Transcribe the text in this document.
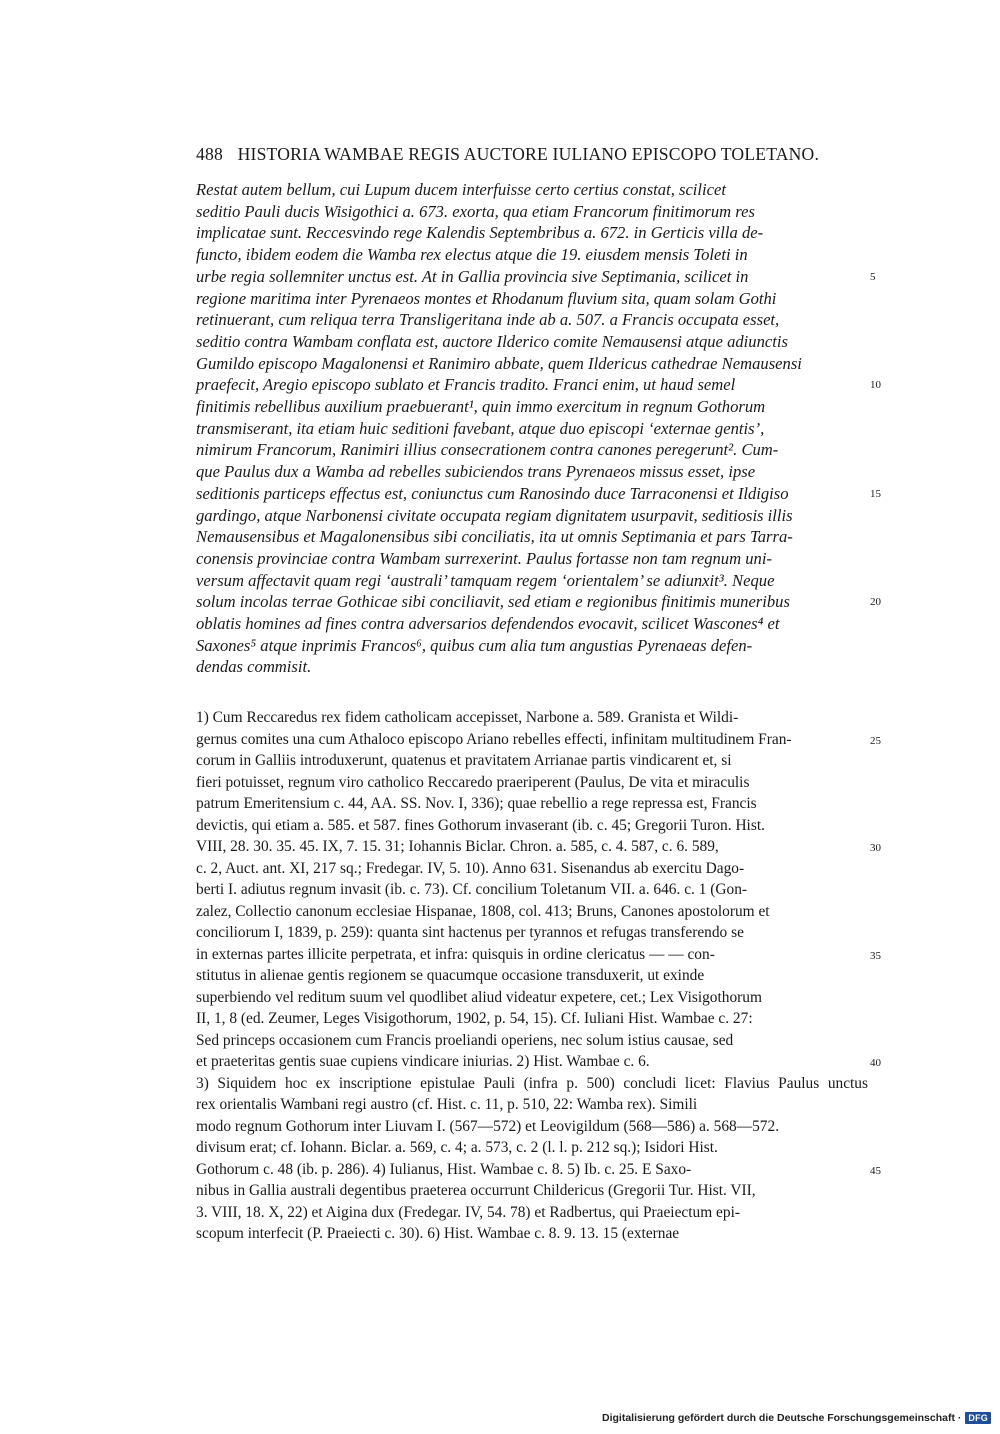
488 HISTORIA WAMBAE REGIS AUCTORE IULIANO EPISCOPO TOLETANO.
Restat autem bellum, cui Lupum ducem interfuisse certo certius constat, scilicet
seditio Pauli ducis Wisigothici a. 673. exorta, qua etiam Francorum finitimorum res
implicatae sunt. Reccesvindo rege Kalendis Septembribus a. 672. in Gerticis villa de-
functo, ibidem eodem die Wamba rex electus atque die 19. eiusdem mensis Toleti in
urbe regia sollemniter unctus est. At in Gallia provincia sive Septimania, scilicet in
regione maritima inter Pyrenaeos montes et Rhodanum fluvium sita, quam solam Gothi
retinuerant, cum reliqua terra Transligeritana inde ab a. 507. a Francis occupata esset,
seditio contra Wambam conflata est, auctore Ilderico comite Nemausensi atque adiunctis
Gumildo episcopo Magalonensi et Ranimiro abbate, quem Ildericus cathedrae Nemausensi
praefecit, Aregio episcopo sublato et Francis tradito. Franci enim, ut haud semel
finitimis rebellibus auxilium praebuerant¹, quin immo exercitum in regnum Gothorum
transmiserant, ita etiam huic seditioni favebant, atque duo episcopi ‘externae gentis’,
nimirum Francorum, Ranimiri illius consecrationem contra canones peregerunt². Cum-
que Paulus dux a Wamba ad rebelles subiciendos trans Pyrenaeos missus esset, ipse
seditionis particeps effectus est, coniunctus cum Ranosindo duce Tarraconensi et Ildigiso
gardingo, atque Narbonensi civitate occupata regiam dignitatem usurpavit, seditiosis illis
Nemausensibus et Magalonensibus sibi conciliatis, ita ut omnis Septimania et pars Tarra-
conensis provinciae contra Wambam surrexerint. Paulus fortasse non tam regnum uni-
versum affectavit quam regi ‘australi’ tamquam regem ‘orientalem’ se adiunxit³. Neque
solum incolas terrae Gothicae sibi conciliavit, sed etiam e regionibus finitimis muneribus
oblatis homines ad fines contra adversarios defendendos evocavit, scilicet Wascones⁴ et
Saxones⁵ atque inprimis Francos⁶, quibus cum alia tum angustias Pyrenaeas defen-
dendas commisit.
5
10
15
20
1) Cum Reccaredus rex fidem catholicam accepisset, Narbone a. 589. Granista et Wildi-
gernus comites una cum Athaloco episcopo Ariano rebelles effecti, infinitam multitudinem Fran-
corum in Galliis introduxerunt, quatenus et pravitatem Arrianae partis vindicarent et, si
fieri potuisset, regnum viro catholico Reccaredo praeriperent (Paulus, De vita et miraculis
patrum Emeritensium c. 44, AA. SS. Nov. I, 336); quae rebellio a rege repressa est, Francis
devictis, qui etiam a. 585. et 587. fines Gothorum invaserant (ib. c. 45; Gregorii Turon. Hist.
VIII, 28. 30. 35. 45. IX, 7. 15. 31; Iohannis Biclar. Chron. a. 585, c. 4. 587, c. 6. 589,
c. 2, Auct. ant. XI, 217 sq.; Fredegar. IV, 5. 10). Anno 631. Sisenandus ab exercitu Dago-
berti I. adiutus regnum invasit (ib. c. 73). Cf. concilium Toletanum VII. a. 646. c. 1 (Gon-
zalez, Collectio canonum ecclesiae Hispanae, 1808, col. 413; Bruns, Canones apostolorum et
conciliorum I, 1839, p. 259): quanta sint hactenus per tyrannos et refugas transferendo se
in externas partes illicite perpetrata, et infra: quisquis in ordine clericatus — — con-
stitutus in alienae gentis regionem se quacumque occasione transduxerit, ut exinde
superbiendo vel reditum suum vel quodlibet aliud videatur expetere, cet.; Lex Visigothorum
II, 1, 8 (ed. Zeumer, Leges Visigothorum, 1902, p. 54, 15). Cf. Iuliani Hist. Wambae c. 27:
Sed princeps occasionem cum Francis proeliandi operiens, nec solum istius causae, sed
et praeteritas gentis suae cupiens vindicare iniurias. 2) Hist. Wambae c. 6.
3) Siquidem hoc ex inscriptione epistulae Pauli (infra p. 500) concludi licet: Flavius Paulus unctus
rex orientalis Wambani regi austro (cf. Hist. c. 11, p. 510, 22: Wamba rex). Simili
modo regnum Gothorum inter Liuvam I. (567—572) et Leovigildum (568—586) a. 568—572.
divisum erat; cf. Iohann. Biclar. a. 569, c. 4; a. 573, c. 2 (l. l. p. 212 sq.); Isidori Hist.
Gothorum c. 48 (ib. p. 286). 4) Iulianus, Hist. Wambae c. 8. 5) Ib. c. 25. E Saxo-
nibus in Gallia australi degentibus praeterea occurrunt Childericus (Gregorii Tur. Hist. VII,
3. VIII, 18. X, 22) et Aigina dux (Fredegar. IV, 54. 78) et Radbertus, qui Praeiectum epi-
scopum interfecit (P. Praeiecti c. 30). 6) Hist. Wambae c. 8. 9. 13. 15 (externae
25
30
35
40
45
Digitalisierung gefördert durch die Deutsche Forschungsgemeinschaft · DFG
